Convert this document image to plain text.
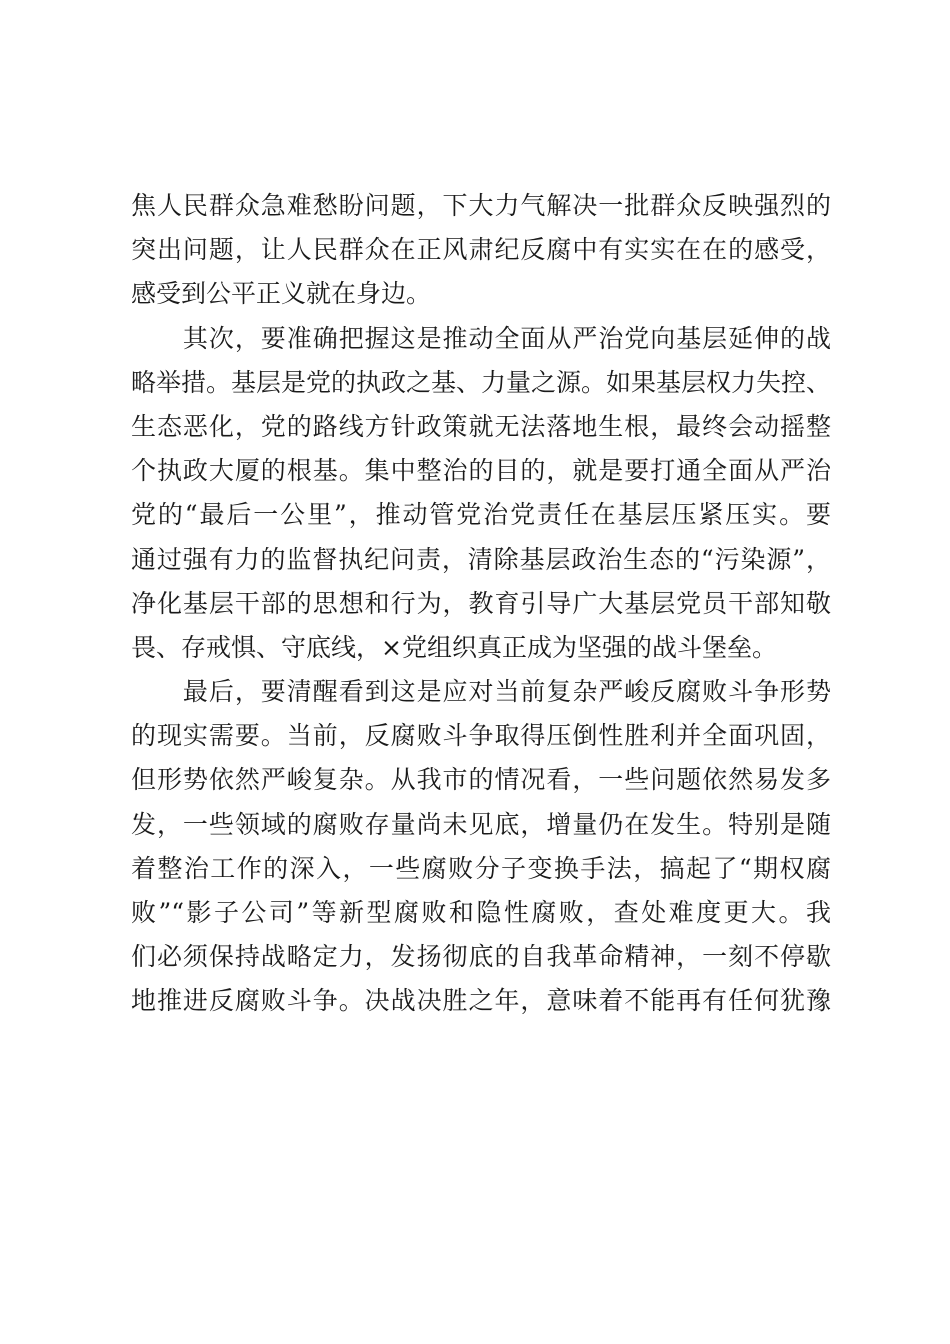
焦人民群众急难愁盼问题，下大力气解决一批群众反映强烈的
突出问题，让人民群众在正风肃纪反腐中有实实在在的感受，
感受到公平正义就在身边。
　　其次，要准确把握这是推动全面从严治党向基层延伸的战
略举措。基层是党的执政之基、力量之源。如果基层权力失控、
生态恶化，党的路线方针政策就无法落地生根，最终会动摇整
个执政大厦的根基。集中整治的目的，就是要打通全面从严治
党的“最后一公里”，推动管党治党责任在基层压紧压实。要
通过强有力的监督执纪问责，清除基层政治生态的“污染源”，
净化基层干部的思想和行为，教育引导广大基层党员干部知敬
畏、存戒惧、守底线，×党组织真正成为坚强的战斗堡垒。
　　最后，要清醒看到这是应对当前复杂严峻反腐败斗争形势
的现实需要。当前，反腐败斗争取得压倒性胜利并全面巩固，
但形势依然严峻复杂。从我市的情况看，一些问题依然易发多
发，一些领域的腐败存量尚未见底，增量仍在发生。特别是随
着整治工作的深入，一些腐败分子变换手法，搞起了“期权腐
败”“影子公司”等新型腐败和隐性腐败，查处难度更大。我
们必须保持战略定力，发扬彻底的自我革命精神，一刻不停歇
地推进反腐败斗争。决战决胜之年，意味着不能再有任何犹豫
